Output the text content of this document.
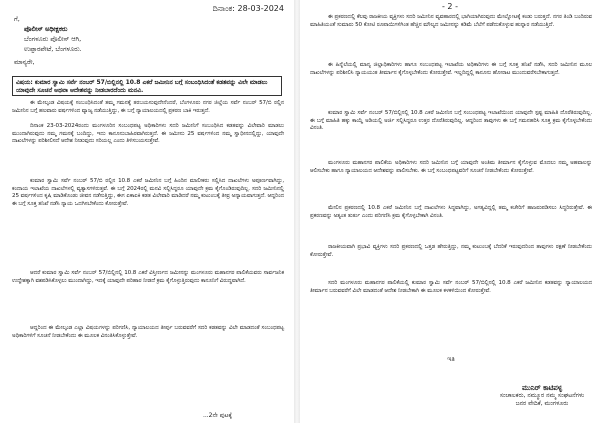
ದಿನಾಂಕ: 28-03-2024
ಗೆ,
ಪೊಲೀಸ್ ಅಧೀಕ್ಷಕರು
ಬೆಂಗಳೂರು ಪೊಲೀಸ್ ಆಗಿ,
ಉಪ್ಪಾರಪೇಟೆ, ಬೆಂಗಳೂರು.
ಮಾನ್ಯರೇ,
ವಿಷಯ: ಕುಮಾರ ಸ್ವಾಮಿ ಸರ್ವೆ ನಂಬರ್ 57/ಬಿಲ್ಲಿನಲ್ಲಿ 10.8 ಎಕರೆ ಜಮೀನಿನ ಬಗ್ಗೆ ಸಂಬಂಧಿಸಿದಂತೆ ಕಡತವನ್ನು ವಿಲೇ ಮಾಡಲು ಯಾವುದೇ ಸೂಚನೆ ಅಥವಾ ಆದೇಶವನ್ನು ನೀಡಬಾರದೆಂದು ಮನವಿ.
ಈ ಮೇಲ್ಕಂಡ ವಿಷಯಕ್ಕೆ ಸಂಬಂಧಿಸಿದಂತೆ ತಮ್ಮ ಗಮನಕ್ಕೆ ತರಬಯಸುವುದೇನೆಂದರೆ, ಬೆಂಗಳೂರು ನಗರ ಜಿಲ್ಲೆಯ ಸರ್ವೆ ನಂಬರ್ 57/ಬಿ ರಲ್ಲಿನ ಜಮೀನಿನ ಬಗ್ಗೆ ಹಲವಾರು ವರ್ಷಗಳಿಂದ ವ್ಯಾಜ್ಯ ನಡೆಯುತ್ತಿದ್ದು, ಈ ಬಗ್ಗೆ ನ್ಯಾಯಾಲಯದಲ್ಲಿ ಪ್ರಕರಣ ಬಾಕಿ ಇರುತ್ತದೆ.
ದಿನಾಂಕ 23-03-2024ರಂದು ಮಂಗಳೂರಿನ ಸಂಬಂಧಪಟ್ಟ ಅಧಿಕಾರಿಗಳು ಸದರಿ ಜಮೀನಿಗೆ ಸಂಬಂಧಿಸಿದ ಕಡತವನ್ನು ವಿಲೇವಾರಿ ಮಾಡಲು ಮುಂದಾಗಿರುವುದು ನಮ್ಮ ಗಮನಕ್ಕೆ ಬಂದಿದ್ದು, ಇದು ಕಾನೂನುಬಾಹಿರವಾಗಿರುತ್ತದೆ. ಈ ಜಮೀನು 25 ವರ್ಷಗಳಿಂದ ನಮ್ಮ ಸ್ವಾಧೀನದಲ್ಲಿದ್ದು, ಯಾವುದೇ ದಾಖಲೆಗಳನ್ನು ಪರಿಶೀಲಿಸದೆ ಆದೇಶ ನೀಡುವುದು ಸರಿಯಲ್ಲ ಎಂದು ತಿಳಿಸಬಯಸುತ್ತೇವೆ.
ಕುಮಾರ ಸ್ವಾಮಿ ಸರ್ವೆ ನಂಬರ್ 57/ಬಿ ರಲ್ಲಿನ 10.8 ಎಕರೆ ಜಮೀನಿನ ಬಗ್ಗೆ ಹಿಂದಿನ ಮಾಲೀಕರು ಸಲ್ಲಿಸಿದ ದಾಖಲೆಗಳು ಅಪೂರ್ಣವಾಗಿದ್ದು, ಕಂದಾಯ ಇಲಾಖೆಯ ದಾಖಲೆಗಳಲ್ಲಿ ವ್ಯತ್ಯಾಸಗಳಿರುತ್ತವೆ. ಈ ಬಗ್ಗೆ 2024ರಲ್ಲಿ ಮನವಿ ಸಲ್ಲಿಸಿದ್ದರೂ ಯಾವುದೇ ಕ್ರಮ ಕೈಗೊಂಡಿರುವುದಿಲ್ಲ. ಸದರಿ ಜಮೀನಿನಲ್ಲಿ 25 ವರ್ಷಗಳಿಂದ ಕೃಷಿ ಮಾಡಿಕೊಂಡು ಜೀವನ ನಡೆಸುತ್ತಿದ್ದು, ಈಗ ಏಕಾಏಕಿ ಕಡತ ವಿಲೇವಾರಿ ಮಾಡಿದರೆ ನಮ್ಮ ಕುಟುಂಬಕ್ಕೆ ತೀವ್ರ ಅನ್ಯಾಯವಾಗುತ್ತದೆ. ಆದ್ದರಿಂದ ಈ ಬಗ್ಗೆ ಸೂಕ್ತ ತನಿಖೆ ನಡೆಸಿ ನ್ಯಾಯ ಒದಗಿಸಬೇಕೆಂದು ಕೋರುತ್ತೇವೆ.
ಆದರೆ ಕುಮಾರ ಸ್ವಾಮಿ ಸರ್ವೆ ನಂಬರ್ 57/ಬಿಲ್ಲಿನಲ್ಲಿ 10.8 ಎಕರೆ ವಿಸ್ತೀರ್ಣದ ಜಮೀನನ್ನು ಮಂಗಳೂರು ಮಹಾನಗರ ಪಾಲಿಕೆಯವರು ಸಾರ್ವಜನಿಕ ಉದ್ದೇಶಕ್ಕಾಗಿ ವಶಪಡಿಸಿಕೊಳ್ಳಲು ಮುಂದಾಗಿದ್ದು, ಇದಕ್ಕೆ ಯಾವುದೇ ಪರಿಹಾರ ನೀಡದೆ ಕ್ರಮ ಕೈಗೊಳ್ಳುತ್ತಿರುವುದು ಕಾನೂನಿಗೆ ವಿರುದ್ಧವಾಗಿದೆ.
ಆದ್ದರಿಂದ ಈ ಮೇಲ್ಕಂಡ ಎಲ್ಲಾ ವಿಷಯಗಳನ್ನು ಪರಿಗಣಿಸಿ, ನ್ಯಾಯಾಲಯದ ತೀರ್ಪು ಬರುವವರೆಗೆ ಸದರಿ ಕಡತವನ್ನು ವಿಲೇ ಮಾಡದಂತೆ ಸಂಬಂಧಪಟ್ಟ ಅಧಿಕಾರಿಗಳಿಗೆ ಸೂಚನೆ ನೀಡಬೇಕೆಂದು ಈ ಮೂಲಕ ವಿನಂತಿಸಿಕೊಳ್ಳುತ್ತೇವೆ.
...2ನೇ ಪುಟಕ್ಕೆ
- 2 -
ಈ ಪ್ರಕರಣದಲ್ಲಿ ಕೆಲವು ರಾಜಕೀಯ ವ್ಯಕ್ತಿಗಳು ಸದರಿ ಜಮೀನಿನ ವ್ಯವಹಾರದಲ್ಲಿ ಭಾಗಿಯಾಗಿರುವುದು ಮೇಲ್ನೋಟಕ್ಕೆ ಕಂಡು ಬರುತ್ತದೆ. ನಗರ ತಿಂಡಿ ಬಂದಿರುವ ಮಾಹಿತಿಯಂತೆ ಸುಮಾರು 50 ಕೋಟಿ ರೂಪಾಯಿಗಳಿಗಿಂತ ಹೆಚ್ಚಿನ ಮೌಲ್ಯದ ಜಮೀನನ್ನು ಕಡಿಮೆ ಬೆಲೆಗೆ ಪಡೆದುಕೊಳ್ಳುವ ಹುನ್ನಾರ ನಡೆಯುತ್ತಿದೆ.
ಈ ಹಿನ್ನೆಲೆಯಲ್ಲಿ ಮಾನ್ಯ ಜಿಲ್ಲಾಧಿಕಾರಿಗಳು ಹಾಗೂ ಸಂಬಂಧಪಟ್ಟ ಇಲಾಖೆಯ ಅಧಿಕಾರಿಗಳು ಈ ಬಗ್ಗೆ ಸೂಕ್ತ ತನಿಖೆ ನಡೆಸಿ, ಸದರಿ ಜಮೀನಿನ ಮೂಲ ದಾಖಲೆಗಳನ್ನು ಪರಿಶೀಲಿಸಿ ನ್ಯಾಯಯುತ ತೀರ್ಮಾನ ಕೈಗೊಳ್ಳಬೇಕೆಂದು ಕೋರುತ್ತೇವೆ. ಇಲ್ಲದಿದ್ದಲ್ಲಿ ಕಾನೂನು ಹೋರಾಟ ಮುಂದುವರೆಸಬೇಕಾಗುತ್ತದೆ.
ಕುಮಾರ ಸ್ವಾಮಿ ಸರ್ವೆ ನಂಬರ್ 57/ಬಿಲ್ಲಿನಲ್ಲಿ 10.8 ಎಕರೆ ಜಮೀನಿನ ಬಗ್ಗೆ ಸಂಬಂಧಪಟ್ಟ ಇಲಾಖೆಯಿಂದ ಯಾವುದೇ ಸ್ಪಷ್ಟ ಮಾಹಿತಿ ದೊರೆತಿರುವುದಿಲ್ಲ. ಈ ಬಗ್ಗೆ ಮಾಹಿತಿ ಹಕ್ಕು ಕಾಯ್ದೆ ಅಡಿಯಲ್ಲಿ ಅರ್ಜಿ ಸಲ್ಲಿಸಿದ್ದರೂ ಉತ್ತರ ದೊರೆತಿರುವುದಿಲ್ಲ. ಆದ್ದರಿಂದ ತಾವುಗಳು ಈ ಬಗ್ಗೆ ಗಮನಹರಿಸಿ ಸೂಕ್ತ ಕ್ರಮ ಕೈಗೊಳ್ಳಬೇಕೆಂದು ವಿನಂತಿ.
ಮಂಗಳೂರು ಮಹಾನಗರ ಪಾಲಿಕೆಯ ಅಧಿಕಾರಿಗಳು ಸದರಿ ಜಮೀನಿನ ಬಗ್ಗೆ ಯಾವುದೇ ಅಂತಿಮ ತೀರ್ಮಾನ ಕೈಗೊಳ್ಳುವ ಮೊದಲು ನಮ್ಮ ಅಹವಾಲನ್ನು ಆಲಿಸಬೇಕು ಹಾಗೂ ನ್ಯಾಯಾಲಯದ ಆದೇಶವನ್ನು ಪಾಲಿಸಬೇಕು. ಈ ಬಗ್ಗೆ ಸಂಬಂಧಪಟ್ಟವರಿಗೆ ಸೂಚನೆ ನೀಡಬೇಕೆಂದು ಕೋರುತ್ತೇವೆ.
ಮೇಲಿನ ಪ್ರಕರಣದಲ್ಲಿ 10.8 ಎಕರೆ ಜಮೀನಿನ ಬಗ್ಗೆ ದಾಖಲೆಗಳು ಸಿದ್ಧವಾಗಿದ್ದು, ಅಗತ್ಯವಿದ್ದಲ್ಲಿ ತಮ್ಮ ಕಚೇರಿಗೆ ಹಾಜರುಪಡಿಸಲು ಸಿದ್ಧರಿರುತ್ತೇವೆ. ಈ ಪ್ರಕರಣವನ್ನು ಅತ್ಯಂತ ತುರ್ತು ಎಂದು ಪರಿಗಣಿಸಿ ಕ್ರಮ ಕೈಗೊಳ್ಳಬೇಕಾಗಿ ವಿನಂತಿ.
ರಾಜಕೀಯವಾಗಿ ಪ್ರಭಾವಿ ವ್ಯಕ್ತಿಗಳು ಸದರಿ ಪ್ರಕರಣದಲ್ಲಿ ಒತ್ತಡ ಹೇರುತ್ತಿದ್ದು, ನಮ್ಮ ಕುಟುಂಬಕ್ಕೆ ಬೆದರಿಕೆ ಇರುವುದರಿಂದ ತಾವುಗಳು ರಕ್ಷಣೆ ನೀಡಬೇಕೆಂದು ಕೋರುತ್ತೇವೆ.
ಸದರಿ ಮಂಗಳೂರು ಮಹಾನಗರ ಪಾಲಿಕೆಯಲ್ಲಿ ಕುಮಾರ ಸ್ವಾಮಿ ಸರ್ವೆ ನಂಬರ್ 57/ಬಿಲ್ಲಿನಲ್ಲಿ 10.8 ಎಕರೆ ಜಮೀನಿನ ಕಡತವನ್ನು ನ್ಯಾಯಾಲಯದ ತೀರ್ಮಾನ ಬರುವವರೆಗೆ ವಿಲೇ ಮಾಡದಂತೆ ಆದೇಶ ನೀಡಬೇಕಾಗಿ ಈ ಮೂಲಕ ಕಳಕಳಿಯಿಂದ ಕೋರುತ್ತೇವೆ.
ಇತಿ
ಮುನಿರ್ ಕಾಟಿಪಳ್ಳ
ಸಂಚಾಲಕರು, ನಮ್ಮೂರ ನಮ್ಮ ಸಂಘಟನೆಗಳು
ಜನರ ವೇದಿಕೆ, ಮಂಗಳೂರು
